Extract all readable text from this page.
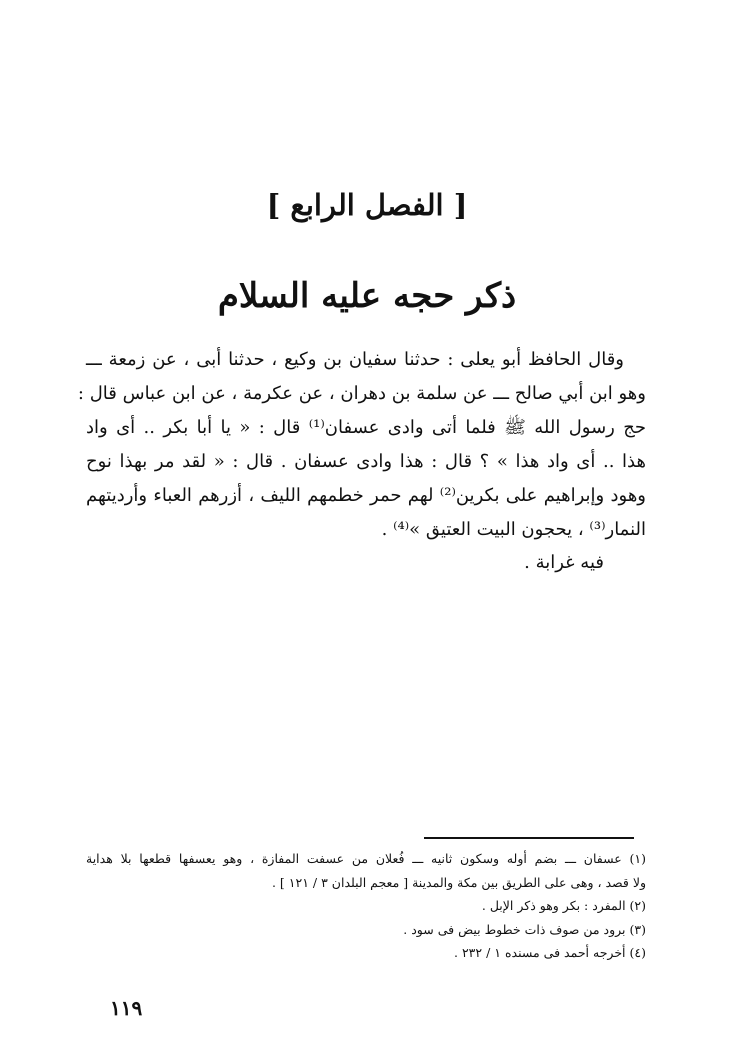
[ الفصل الرابع ]
ذكر حجه عليه السلام
وقال الحافظ أبو يعلى : حدثنا سفيان بن وكيع ، حدثنا أبى ، عن زمعة ـــ
وهو ابن أبي صالح ـــ عن سلمة بن دهران ، عن عكرمة ، عن ابن عباس قال :
حج رسول الله ﷺ فلما أتى وادى عسفان⁽¹⁾ قال : « يا أبا بكر .. أى واد
هذا .. أى واد هذا » ؟ قال : هذا وادى عسفان . قال : « لقد مر بهذا نوح
وهود وإبراهيم على بكرين⁽²⁾ لهم حمر خطمهم الليف ، أزرهم العباء وأرديتهم
النمار⁽³⁾ ، يحجون البيت العتيق »⁽⁴⁾ .
فيه غرابة .
(١) عسفان ـــ بضم أوله وسكون ثانيه ـــ فُعلان من عسفت المفازة ، وهو يعسفها قطعها بلا هداية
ولا قصد ، وهى على الطريق بين مكة والمدينة [ معجم البلدان ٣ / ١٢١ ] .
(٢) المفرد : بكر وهو ذكر الإبل .
(٣) برود من صوف ذات خطوط بيض فى سود .
(٤) أخرجه أحمد فى مسنده ١ / ٢٣٢ .
١١٩
